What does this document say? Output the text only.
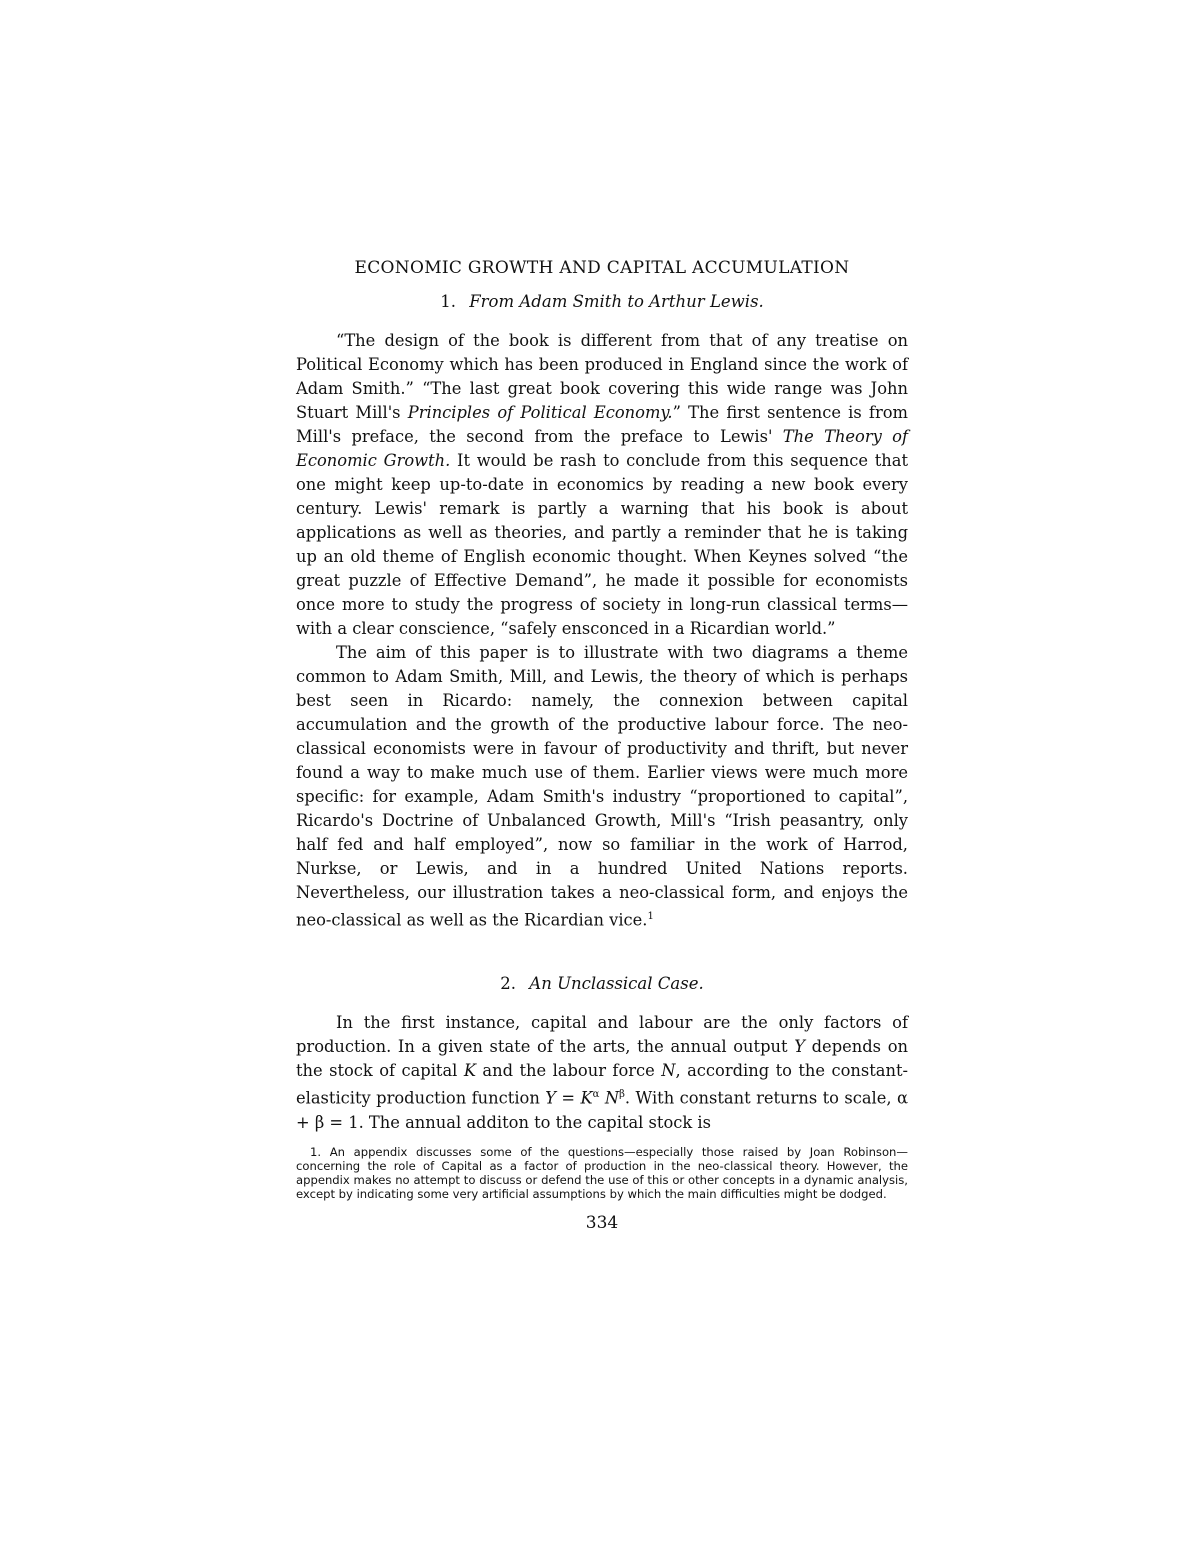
ECONOMIC GROWTH AND CAPITAL ACCUMULATION
1. From Adam Smith to Arthur Lewis.

“The design of the book is different from that of any treatise on Political Economy which has been produced in England since the work of Adam Smith.” “The last great book covering this wide range was John Stuart Mill's Principles of Political Economy.” The first sentence is from Mill's preface, the second from the preface to Lewis' The Theory of Economic Growth. It would be rash to conclude from this sequence that one might keep up-to-date in economics by reading a new book every century. Lewis' remark is partly a warning that his book is about applications as well as theories, and partly a reminder that he is taking up an old theme of English economic thought. When Keynes solved “the great puzzle of Effective Demand”, he made it possible for economists once more to study the progress of society in long-run classical terms—with a clear conscience, “safely ensconced in a Ricardian world.”

The aim of this paper is to illustrate with two diagrams a theme common to Adam Smith, Mill, and Lewis, the theory of which is perhaps best seen in Ricardo: namely, the connexion between capital accumulation and the growth of the productive labour force. The neo-classical economists were in favour of productivity and thrift, but never found a way to make much use of them. Earlier views were much more specific: for example, Adam Smith's industry “proportioned to capital”, Ricardo's Doctrine of Unbalanced Growth, Mill's “Irish peasantry, only half fed and half employed”, now so familiar in the work of Harrod, Nurkse, or Lewis, and in a hundred United Nations reports. Nevertheless, our illustration takes a neo-classical form, and enjoys the neo-classical as well as the Ricardian vice.$^1$

2. An Unclassical Case.

In the first instance, capital and labour are the only factors of production. In a given state of the arts, the annual output Y depends on the stock of capital K and the labour force N, according to the constant-elasticity production function $Y = K^\alpha$ $N^\beta$. With constant returns to scale, α + β = 1. The annual additon to the capital stock is

1. An appendix discusses some of the questions—especially those raised by Joan Robinson—concerning the role of Capital as a factor of production in the neo-classical theory. However, the appendix makes no attempt to discuss or defend the use of this or other concepts in a dynamic analysis, except by indicating some very artificial assumptions by which the main difficulties might be dodged.
334
